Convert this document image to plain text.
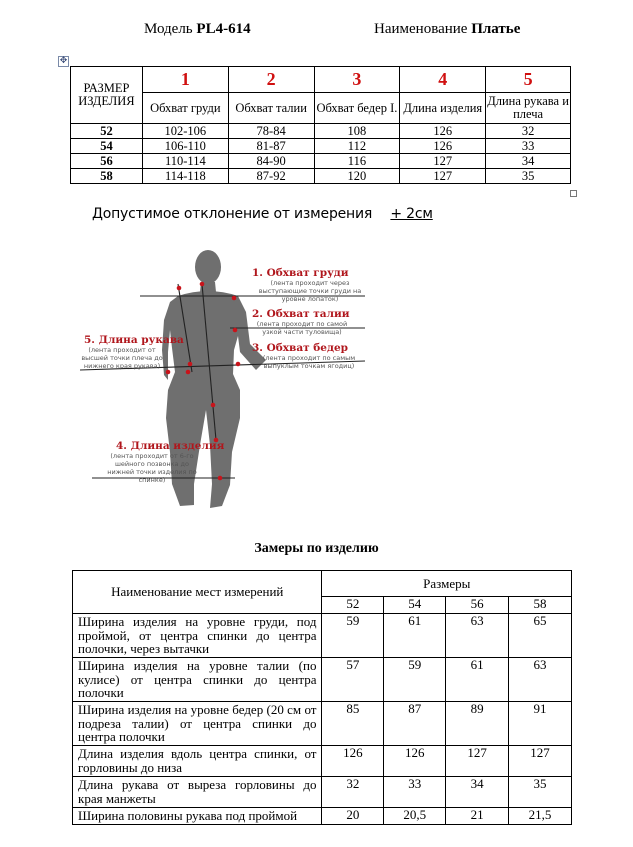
Модель PL4-614	Наименование Платье
✥
РАЗМЕР ИЗДЕЛИЯ	1	2	3	4	5
	Обхват груди	Обхват талии	Обхват бедер I.	Длина изделия	Длина рукава и плеча
52	102-106	78-84	108	126	32
54	106-110	81-87	112	126	33
56	110-114	84-90	116	127	34
58	114-118	87-92	120	127	35
Допустимое отклонение от измерения + 2см
1. Обхват груди
(лента проходит через выступающие точки груди на уровне лопаток)
2. Обхват талии
(лента проходит по самой узкой части туловища)
3. Обхват бедер
(лента проходит по самым выпуклым точкам ягодиц)
4. Длина изделия
(лента проходит от 6-го шейного позвонка до нижней точки изделия по спинке)
5. Длина рукава
(лента проходит от высшей точки плеча до нижнего края рукава)
Замеры по изделию
Наименование мест измерений	Размеры			
	52	54	56	58
Ширина изделия на уровне груди, под проймой, от центра спинки до центра полочки, через вытачки	59	61	63	65
Ширина изделия на уровне талии (по кулисе) от центра спинки до центра полочки	57	59	61	63
Ширина изделия на уровне бедер (20 см от подреза талии) от центра спинки до центра полочки	85	87	89	91
Длина изделия вдоль центра спинки, от горловины до низа	126	126	127	127
Длина рукава от выреза горловины до края манжеты	32	33	34	35
Ширина половины рукава под проймой	20	20,5	21	21,5
